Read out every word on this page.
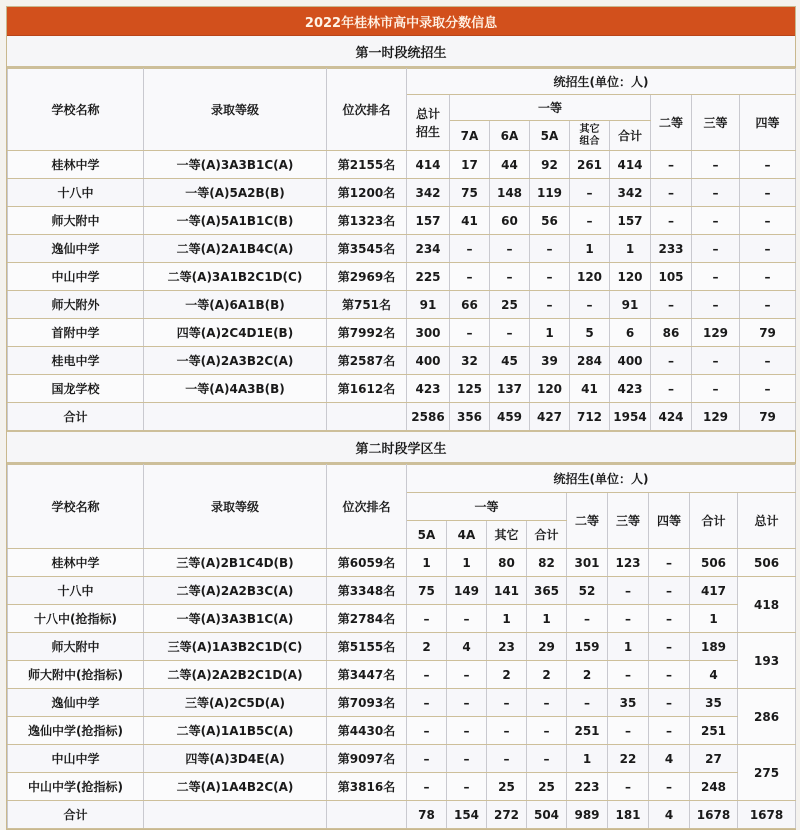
2022年桂林市高中录取分数信息
第一时段统招生
学校名称	录取等级	位次排名	统招生(单位：人)								
			总计招生	一等					二等	三等	四等
				7A	6A	5A	其它组合	合计			
桂林中学	一等(A)3A3B1C(A)	第2155名	414	17	44	92	261	414	–	–	–
十八中	一等(A)5A2B(B)	第1200名	342	75	148	119	–	342	–	–	–
师大附中	一等(A)5A1B1C(B)	第1323名	157	41	60	56	–	157	–	–	–
逸仙中学	二等(A)2A1B4C(A)	第3545名	234	–	–	–	1	1	233	–	–
中山中学	二等(A)3A1B2C1D(C)	第2969名	225	–	–	–	120	120	105	–	–
师大附外	一等(A)6A1B(B)	第751名	91	66	25	–	–	91	–	–	–
首附中学	四等(A)2C4D1E(B)	第7992名	300	–	–	1	5	6	86	129	79
桂电中学	一等(A)2A3B2C(A)	第2587名	400	32	45	39	284	400	–	–	–
国龙学校	一等(A)4A3B(B)	第1612名	423	125	137	120	41	423	–	–	–
合计			2586	356	459	427	712	1954	424	129	79
第二时段学区生
学校名称	录取等级	位次排名	统招生(单位：人)								
			一等				二等	三等	四等	合计	总计
			5A	4A	其它	合计					
桂林中学	三等(A)2B1C4D(B)	第6059名	1	1	80	82	301	123	–	506	506
十八中	二等(A)2A2B3C(A)	第3348名	75	149	141	365	52	–	–	417	418
十八中(抢指标)	一等(A)3A3B1C(A)	第2784名	–	–	1	1	–	–	–	1	
师大附中	三等(A)1A3B2C1D(C)	第5155名	2	4	23	29	159	1	–	189	193
师大附中(抢指标)	二等(A)2A2B2C1D(A)	第3447名	–	–	2	2	2	–	–	4	
逸仙中学	三等(A)2C5D(A)	第7093名	–	–	–	–	–	35	–	35	286
逸仙中学(抢指标)	二等(A)1A1B5C(A)	第4430名	–	–	–	–	251	–	–	251	
中山中学	四等(A)3D4E(A)	第9097名	–	–	–	–	1	22	4	27	275
中山中学(抢指标)	二等(A)1A4B2C(A)	第3816名	–	–	25	25	223	–	–	248	
合计			78	154	272	504	989	181	4	1678	1678
